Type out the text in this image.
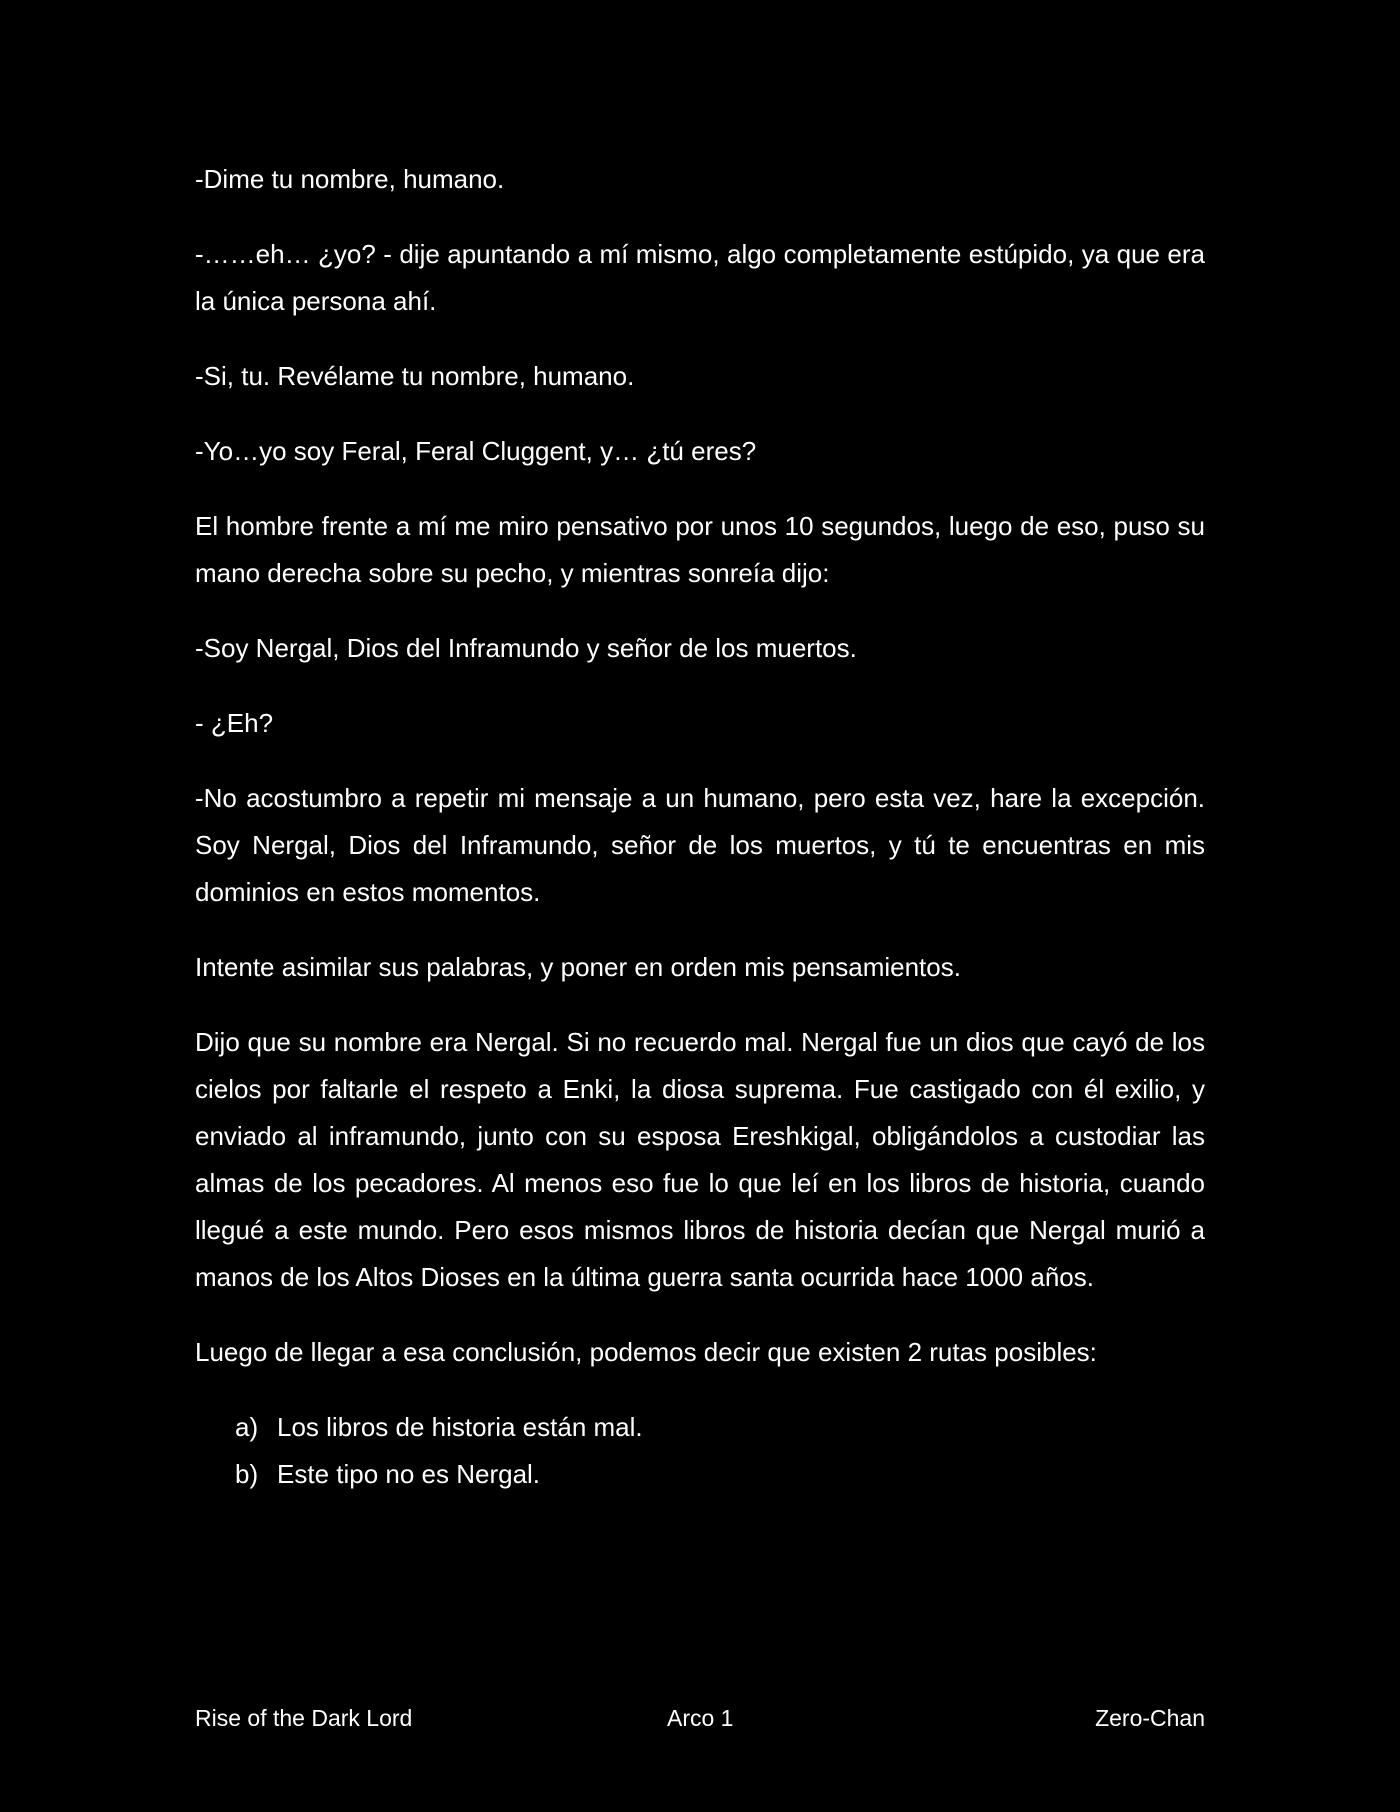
-Dime tu nombre, humano.

-……eh… ¿yo? - dije apuntando a mí mismo, algo completamente estúpido, ya que era la única persona ahí.

-Si, tu. Revélame tu nombre, humano.

-Yo…yo soy Feral, Feral Cluggent, y… ¿tú eres?

El hombre frente a mí me miro pensativo por unos 10 segundos, luego de eso, puso su mano derecha sobre su pecho, y mientras sonreía dijo:

-Soy Nergal, Dios del Inframundo y señor de los muertos.

- ¿Eh?

-No acostumbro a repetir mi mensaje a un humano, pero esta vez, hare la excepción. Soy Nergal, Dios del Inframundo, señor de los muertos, y tú te encuentras en mis dominios en estos momentos.

Intente asimilar sus palabras, y poner en orden mis pensamientos.

Dijo que su nombre era Nergal. Si no recuerdo mal. Nergal fue un dios que cayó de los cielos por faltarle el respeto a Enki, la diosa suprema. Fue castigado con él exilio, y enviado al inframundo, junto con su esposa Ereshkigal, obligándolos a custodiar las almas de los pecadores. Al menos eso fue lo que leí en los libros de historia, cuando llegué a este mundo. Pero esos mismos libros de historia decían que Nergal murió a manos de los Altos Dioses en la última guerra santa ocurrida hace 1000 años.

Luego de llegar a esa conclusión, podemos decir que existen 2 rutas posibles:

a) Los libros de historia están mal.
b) Este tipo no es Nergal.
Rise of the Dark Lord	Arco 1	Zero-Chan
